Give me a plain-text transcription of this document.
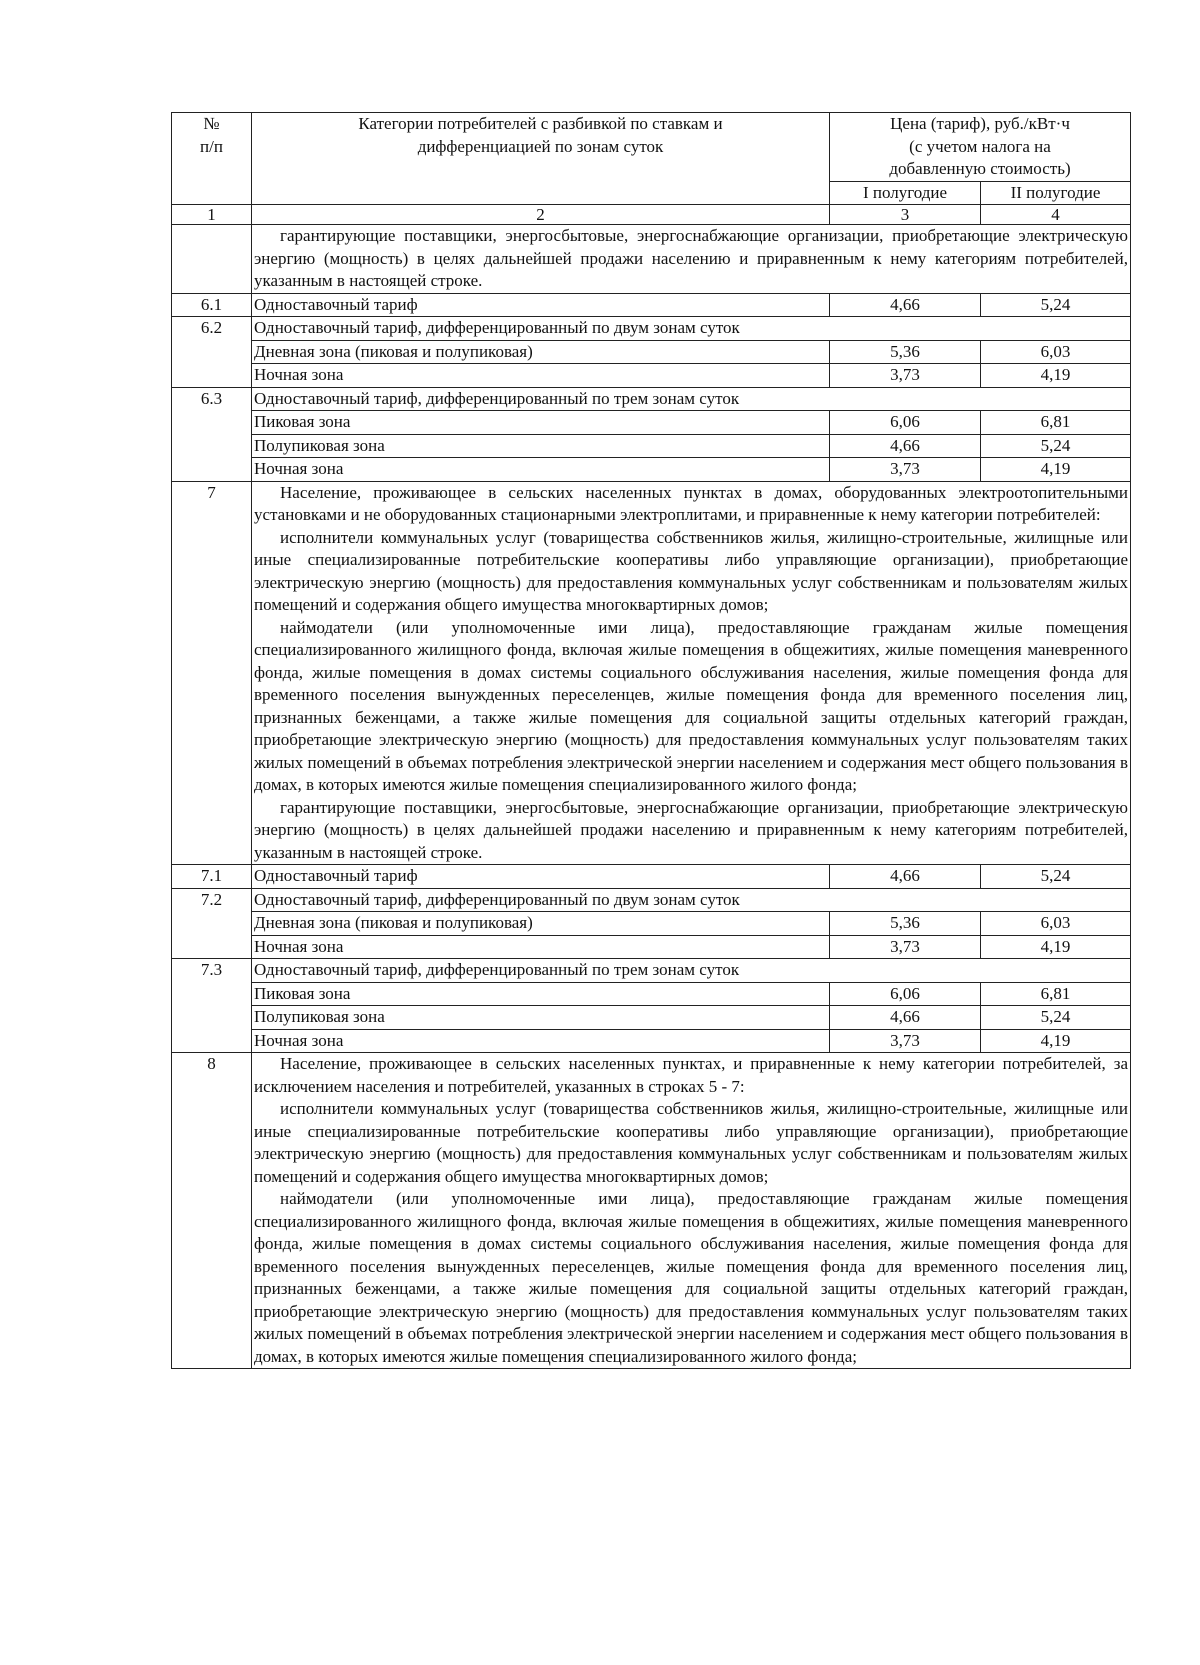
№
п/п	Категории потребителей с разбивкой по ставкам и дифференциацией по зонам суток	Цена (тариф), руб./кВт·ч
(с учетом налога на
добавленную стоимость)	
		I полугодие	II полугодие
1	2	3	4

	гарантирующие поставщики, энергосбытовые, энергоснабжающие организации, приобретающие электрическую энергию (мощность) в целях дальнейшей продажи населению и приравненным к нему категориям потребителей, указанным в настоящей строке.		

6.1	Одноставочный тариф	4,66	5,24
6.2	Одноставочный тариф, дифференцированный по двум зонам суток		
	Дневная зона (пиковая и полупиковая)	5,36	6,03
	Ночная зона	3,73	4,19
6.3	Одноставочный тариф, дифференцированный по трем зонам суток		
	Пиковая зона	6,06	6,81
	Полупиковая зона	4,66	5,24
	Ночная зона	3,73	4,19
7	Население, проживающее в сельских населенных пунктах в домах, оборудованных электроотопительными установками и не оборудованных стационарными электроплитами, и приравненные к нему категории потребителей:

исполнители коммунальных услуг (товарищества собственников жилья, жилищно-строительные, жилищные или иные специализированные потребительские кооперативы либо управляющие организации), приобретающие электрическую энергию (мощность) для предоставления коммунальных услуг собственникам и пользователям жилых помещений и содержания общего имущества многоквартирных домов;

наймодатели (или уполномоченные ими лица), предоставляющие гражданам жилые помещения специализированного жилищного фонда, включая жилые помещения в общежитиях, жилые помещения маневренного фонда, жилые помещения в домах системы социального обслуживания населения, жилые помещения фонда для временного поселения вынужденных переселенцев, жилые помещения фонда для временного поселения лиц, признанных беженцами, а также жилые помещения для социальной защиты отдельных категорий граждан, приобретающие электрическую энергию (мощность) для предоставления коммунальных услуг пользователям таких жилых помещений в объемах потребления электрической энергии населением и содержания мест общего пользования в домах, в которых имеются жилые помещения специализированного жилого фонда;

гарантирующие поставщики, энергосбытовые, энергоснабжающие организации, приобретающие электрическую энергию (мощность) в целях дальнейшей продажи населению и приравненным к нему категориям потребителей, указанным в настоящей строке.		

7.1	Одноставочный тариф	4,66	5,24
7.2	Одноставочный тариф, дифференцированный по двум зонам суток		
	Дневная зона (пиковая и полупиковая)	5,36	6,03
	Ночная зона	3,73	4,19
7.3	Одноставочный тариф, дифференцированный по трем зонам суток		
	Пиковая зона	6,06	6,81
	Полупиковая зона	4,66	5,24
	Ночная зона	3,73	4,19
8	Население, проживающее в сельских населенных пунктах, и приравненные к нему категории потребителей, за исключением населения и потребителей, указанных в строках 5 - 7:

исполнители коммунальных услуг (товарищества собственников жилья, жилищно-строительные, жилищные или иные специализированные потребительские кооперативы либо управляющие организации), приобретающие электрическую энергию (мощность) для предоставления коммунальных услуг собственникам и пользователям жилых помещений и содержания общего имущества многоквартирных домов;

наймодатели (или уполномоченные ими лица), предоставляющие гражданам жилые помещения специализированного жилищного фонда, включая жилые помещения в общежитиях, жилые помещения маневренного фонда, жилые помещения в домах системы социального обслуживания населения, жилые помещения фонда для временного поселения вынужденных переселенцев, жилые помещения фонда для временного поселения лиц, признанных беженцами, а также жилые помещения для социальной защиты отдельных категорий граждан, приобретающие электрическую энергию (мощность) для предоставления коммунальных услуг пользователям таких жилых помещений в объемах потребления электрической энергии населением и содержания мест общего пользования в домах, в которых имеются жилые помещения специализированного жилого фонда;		
